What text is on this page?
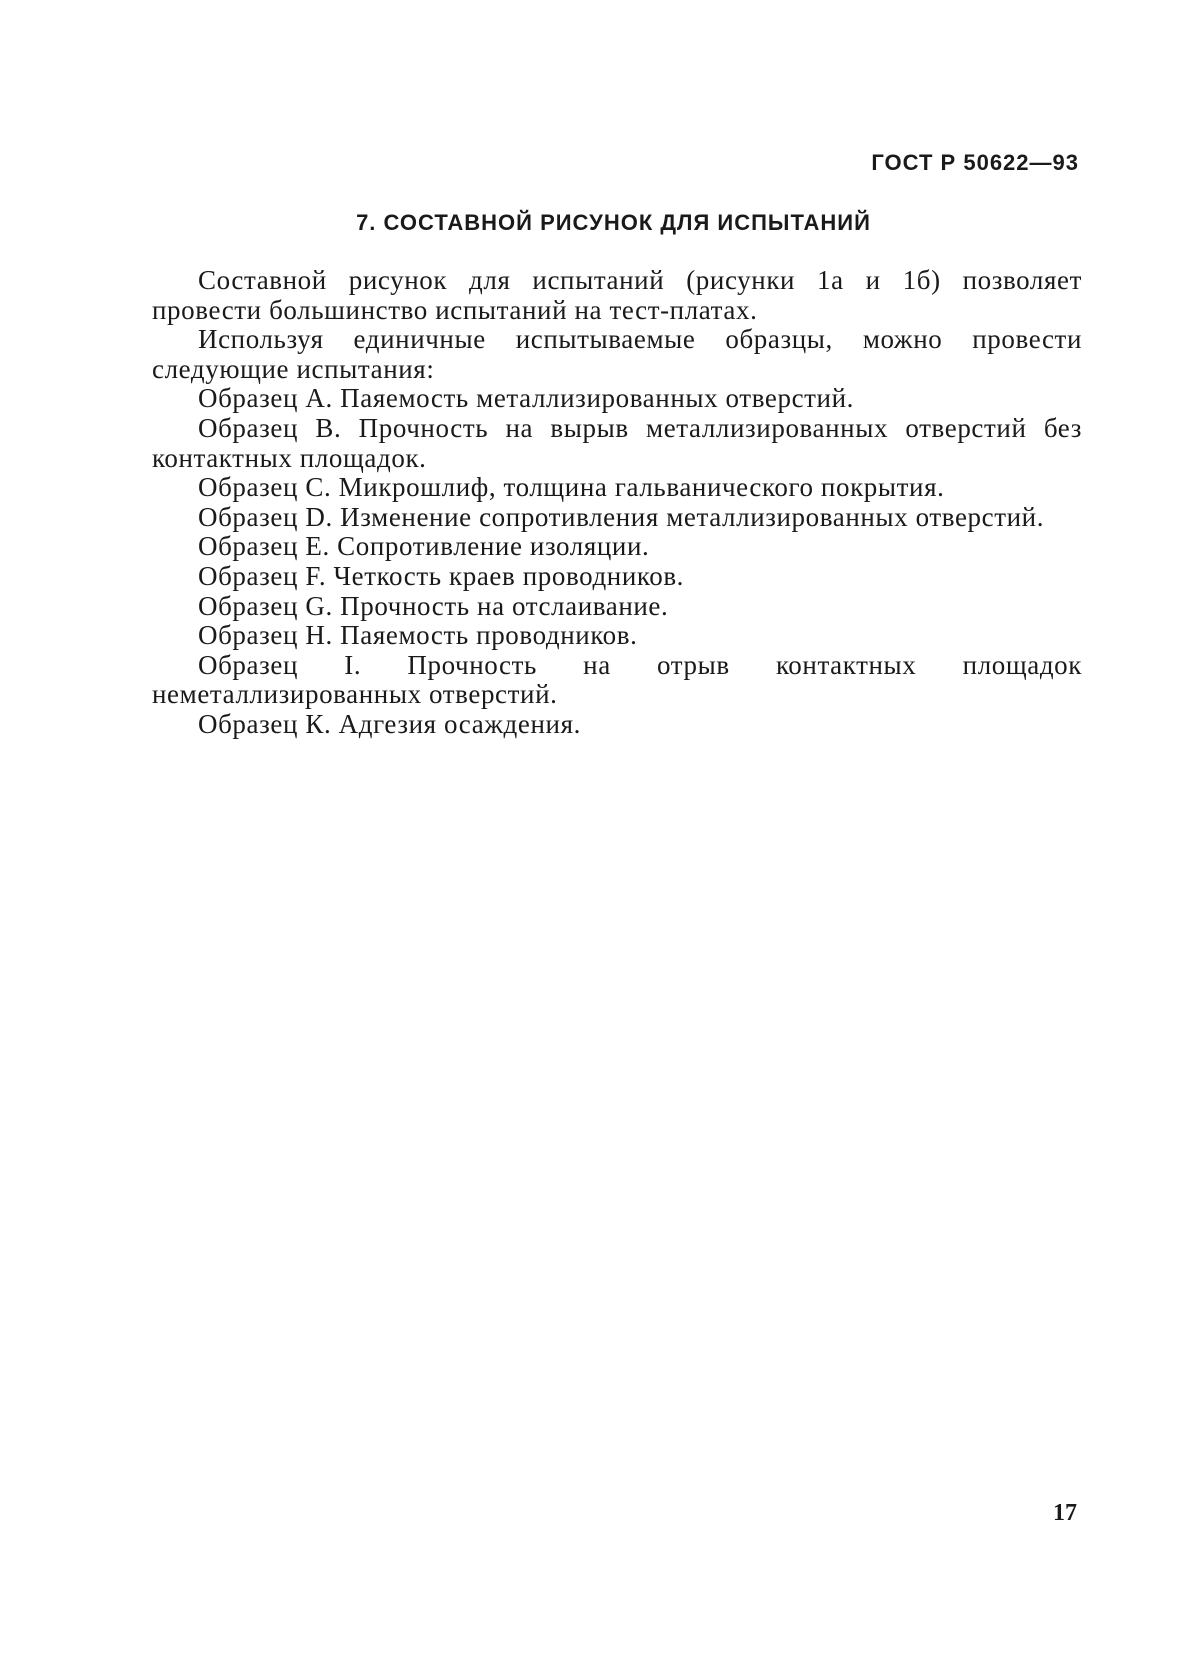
ГОСТ Р 50622—93
7. СОСТАВНОЙ РИСУНОК ДЛЯ ИСПЫТАНИЙ

Составной рисунок для испытаний (рисунки 1а и 1б) позволяет провести большинство испытаний на тест-платах.

Используя единичные испытываемые образцы, можно провести следующие испытания:

Образец А. Паяемость металлизированных отверстий.

Образец В. Прочность на вырыв металлизированных отверстий без контактных площадок.

Образец С. Микрошлиф, толщина гальванического покрытия.

Образец D. Изменение сопротивления металлизированных отверстий.

Образец Е. Сопротивление изоляции.

Образец F. Четкость краев проводников.

Образец G. Прочность на отслаивание.

Образец Н. Паяемость проводников.

Образец I. Прочность на отрыв контактных площадок неметаллизированных отверстий.

Образец К. Адгезия осаждения.

17
